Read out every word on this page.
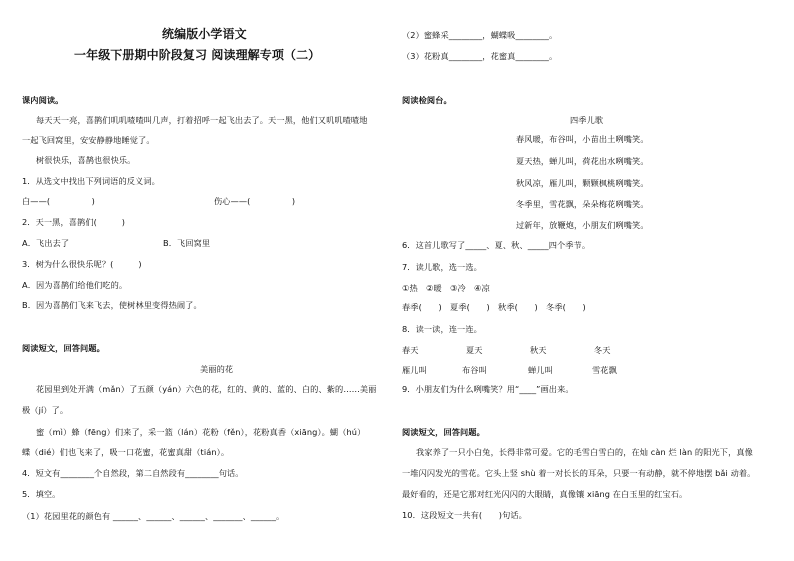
统编版小学语文
一年级下册期中阶段复习 阅读理解专项（二）
课内阅读。
每天天一亮，喜鹊们叽叽喳喳叫几声，打着招呼一起飞出去了。天一黑，他们又叽叽喳喳地
一起飞回窝里，安安静静地睡觉了。
树很快乐，喜鹊也很快乐。
1．从选文中找出下列词语的反义词。
白——(　　　　　)	伤心——(　　　　　)
2．天一黑，喜鹊们(　　　)
A．飞出去了	B．飞回窝里
3．树为什么很快乐呢？(　　　)
A．因为喜鹊们给他们吃的。
B．因为喜鹊们飞来飞去，使树林里变得热闹了。
阅读短文，回答问题。
美丽的花
花园里到处开满（mǎn）了五颜（yán）六色的花，红的、黄的、蓝的、白的、紫的……美丽
极（jí）了。
蜜（mì）蜂（fēng）们来了，采一篮（lán）花粉（fěn），花粉真香（xiāng）。蝴（hú）
蝶（dié）们也飞来了，吸一口花蜜，花蜜真甜（tián）。
4．短文有________个自然段，第二自然段有________句话。
5．填空。
（1）花园里花的颜色有 ______、______、______、_______、______。
（2）蜜蜂采________，蝴蝶吸________。
（3）花粉真________，花蜜真________。
阅读检阅台。
四季儿歌
春风暖，布谷叫，小苗出土咧嘴笑。
夏天热，蝉儿叫，荷花出水咧嘴笑。
秋风凉，雁儿叫，颗颗枫桃咧嘴笑。
冬季里，雪花飘，朵朵梅花咧嘴笑。
过新年，放鞭炮，小朋友们咧嘴笑。
6．这首儿歌写了_____、夏、秋、_____四个季节。
7．读儿歌，选一选。
①热　②暖　③冷　④凉
春季(　　)　夏季(　　)　秋季(　　)　冬季(　　)
8．读一读，连一连。
春天	夏天	秋天	冬天
雁儿叫	布谷叫	蝉儿叫	雪花飘
9．小朋友们为什么咧嘴笑？用“____”画出来。
阅读短文，回答问题。
我家养了一只小白兔，长得非常可爱。它的毛雪白雪白的，在灿 càn 烂 làn 的阳光下，真像
一堆闪闪发光的雪花。它头上竖 shù 着一对长长的耳朵，只要一有动静，就不停地摆 bǎi 动着。
最好看的，还是它那对红光闪闪的大眼睛，真像镶 xiāng 在白玉里的红宝石。
10．这段短文一共有(　　)句话。
